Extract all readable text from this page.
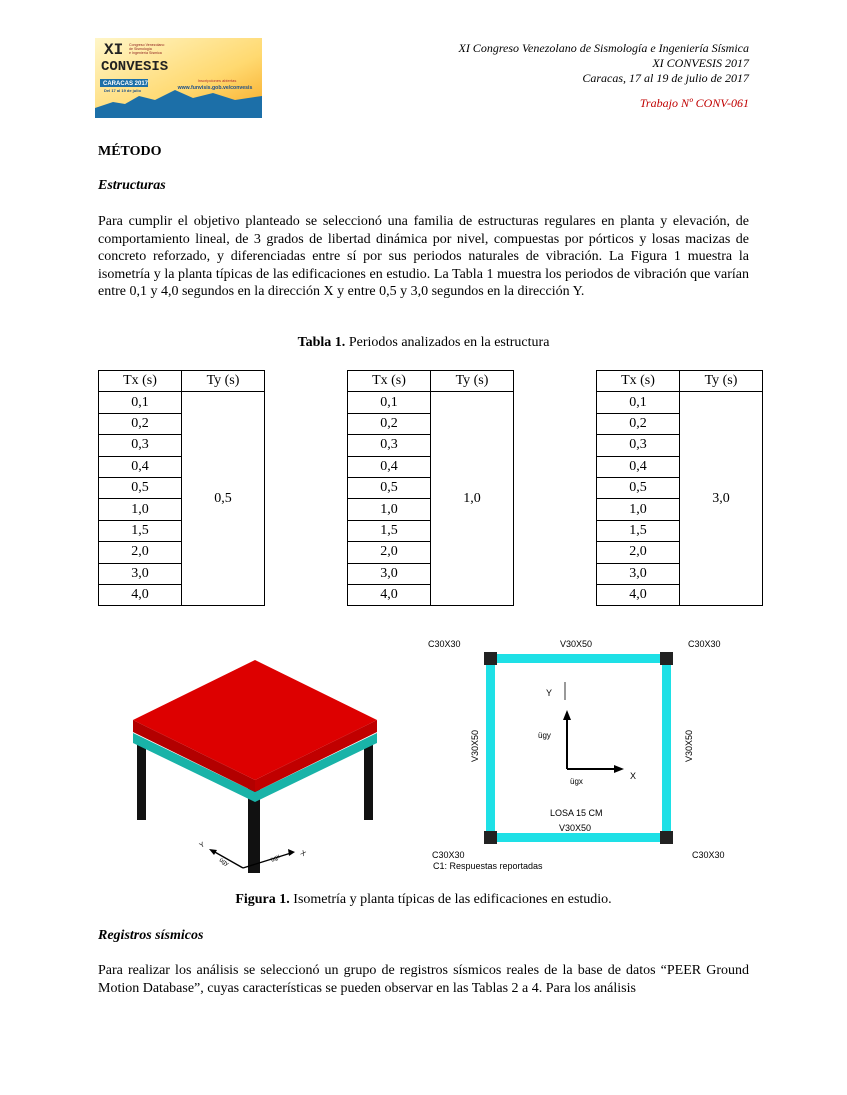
XI
CONVESIS
Congreso Venezolano
de Sismología
e Ingeniería Sísmica
CARACAS 2017
Del 17 al 19 de julio
Inscripciones abiertas
www.funvisis.gob.ve/convesis
XI Congreso Venezolano de Sismología e Ingeniería Sísmica
XI CONVESIS 2017
Caracas, 17 al 19 de julio de 2017
Trabajo Nº CONV-061
MÉTODO
Estructuras

Para cumplir el objetivo planteado se seleccionó una familia de estructuras regulares en planta y elevación, de comportamiento lineal, de 3 grados de libertad dinámica por nivel, compuestas por pórticos y losas macizas de concreto reforzado, y diferenciadas entre sí por sus periodos naturales de vibración. La Figura 1 muestra la isometría y la planta típicas de las edificaciones en estudio. La Tabla 1 muestra los periodos de vibración que varían entre 0,1 y 4,0 segundos en la dirección X y entre 0,5 y 3,0 segundos en la dirección Y.

Tabla 1. Periodos analizados en la estructura
Tx (s)	Ty (s)
0,1	0,5
0,2	
0,3	
0,4	
0,5	
1,0	
1,5	
2,0	
3,0	
4,0	
Tx (s)	Ty (s)
0,1	1,0
0,2	
0,3	
0,4	
0,5	
1,0	
1,5	
2,0	
3,0	
4,0	
Tx (s)	Ty (s)
0,1	3,0
0,2	
0,3	
0,4	
0,5	
1,0	
1,5	
2,0	
3,0	
4,0	
Y
ügy	ügx	X
C30X30	V30X50	C30X30
C30X30	C30X30
C1: Respuestas reportadas
V30X50	V30X50
LOSA 15 CM
V30X50
Y
ügy
ügx
X
Figura 1. Isometría y planta típicas de las edificaciones en estudio.
Registros sísmicos

Para realizar los análisis se seleccionó un grupo de registros sísmicos reales de la base de datos “PEER Ground Motion Database”, cuyas características se pueden observar en las Tablas 2 a 4. Para los análisis
